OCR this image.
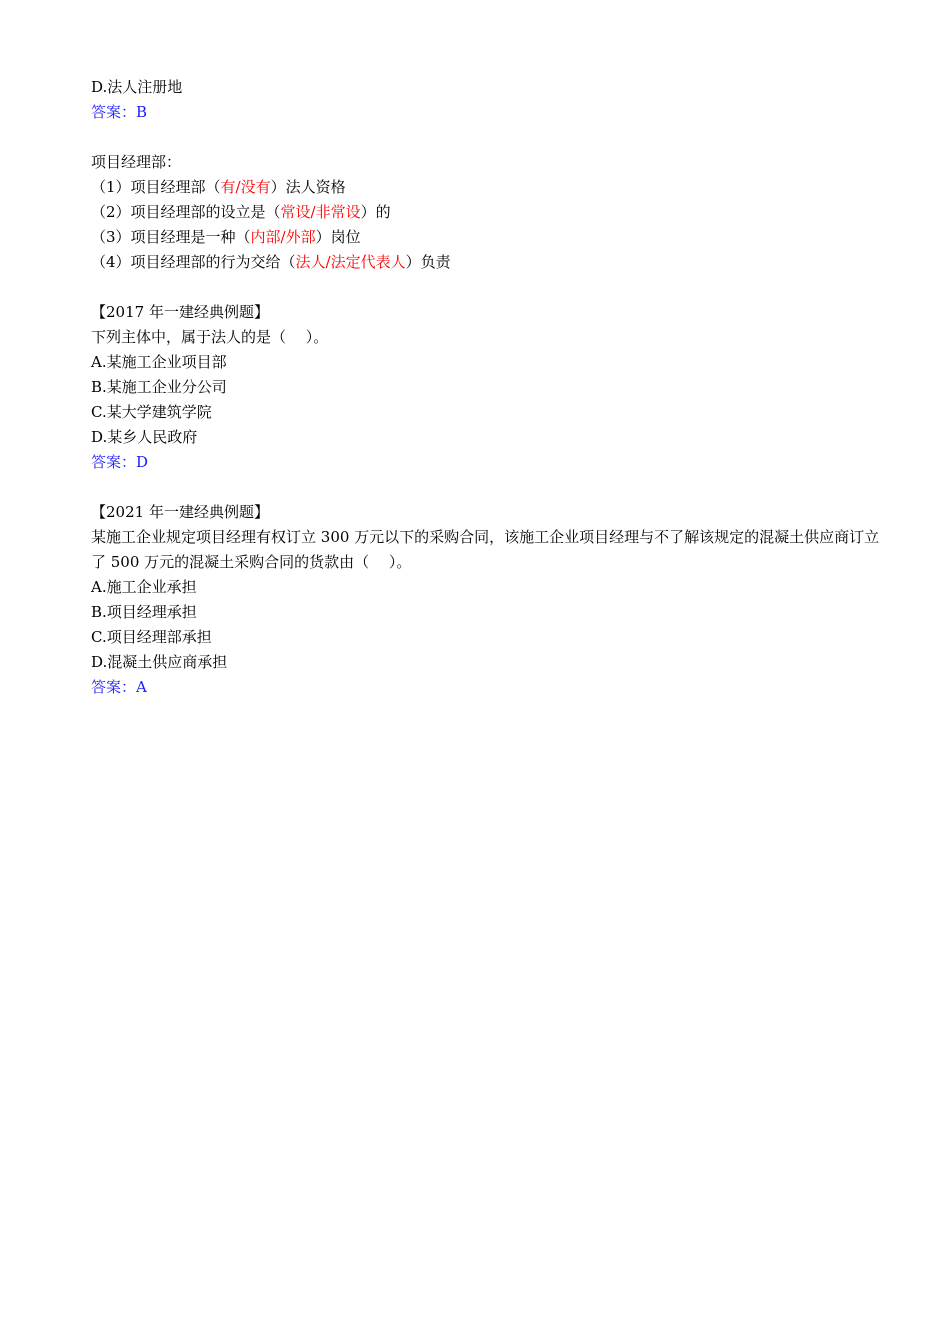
D.法人注册地
答案：B
项目经理部：
（1）项目经理部（有/没有）法人资格
（2）项目经理部的设立是（常设/非常设）的
（3）项目经理是一种（内部/外部）岗位
（4）项目经理部的行为交给（法人/法定代表人）负责
【2017 年一建经典例题】
下列主体中，属于法人的是（　 ）。
A.某施工企业项目部
B.某施工企业分公司
C.某大学建筑学院
D.某乡人民政府
答案：D
【2021 年一建经典例题】
某施工企业规定项目经理有权订立 300 万元以下的采购合同，该施工企业项目经理与不了解该规定的混凝土供应商订立了 500 万元的混凝土采购合同的货款由（　 ）。
A.施工企业承担
B.项目经理承担
C.项目经理部承担
D.混凝土供应商承担
答案：A
